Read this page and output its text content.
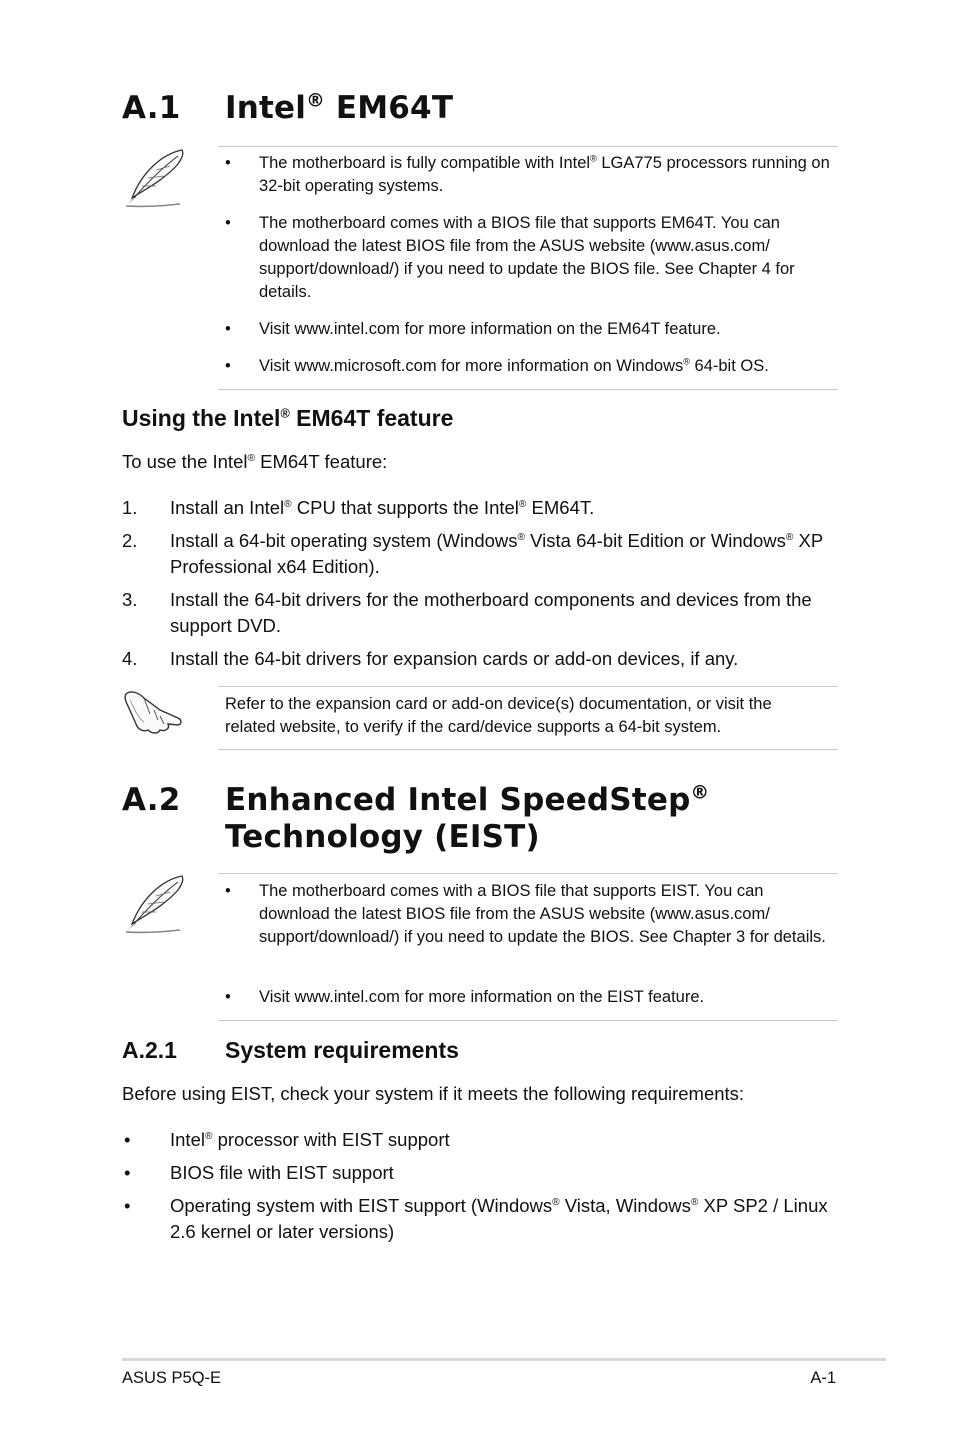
A.1 Intel® EM64T
• The motherboard is fully compatible with Intel® LGA775 processors running on 32-bit operating systems.
• The motherboard comes with a BIOS file that supports EM64T. You can download the latest BIOS file from the ASUS website (www.asus.com/ support/download/) if you need to update the BIOS file. See Chapter 4 for details.
• Visit www.intel.com for more information on the EM64T feature.
• Visit www.microsoft.com for more information on Windows® 64-bit OS.
Using the Intel® EM64T feature
To use the Intel® EM64T feature:
1. Install an Intel® CPU that supports the Intel® EM64T.
2. Install a 64-bit operating system (Windows® Vista 64-bit Edition or Windows® XP Professional x64 Edition).
3. Install the 64-bit drivers for the motherboard components and devices from the support DVD.
4. Install the 64-bit drivers for expansion cards or add-on devices, if any.
Refer to the expansion card or add-on device(s) documentation, or visit the related website, to verify if the card/device supports a 64-bit system.
A.2 Enhanced Intel SpeedStep®
Technology (EIST)
• The motherboard comes with a BIOS file that supports EIST. You can download the latest BIOS file from the ASUS website (www.asus.com/ support/download/) if you need to update the BIOS. See Chapter 3 for details.
• Visit www.intel.com for more information on the EIST feature.
A.2.1 System requirements
Before using EIST, check your system if it meets the following requirements:
• Intel® processor with EIST support
• BIOS file with EIST support
• Operating system with EIST support (Windows® Vista, Windows® XP SP2 / Linux 2.6 kernel or later versions)
ASUS P5Q-E	A-1
